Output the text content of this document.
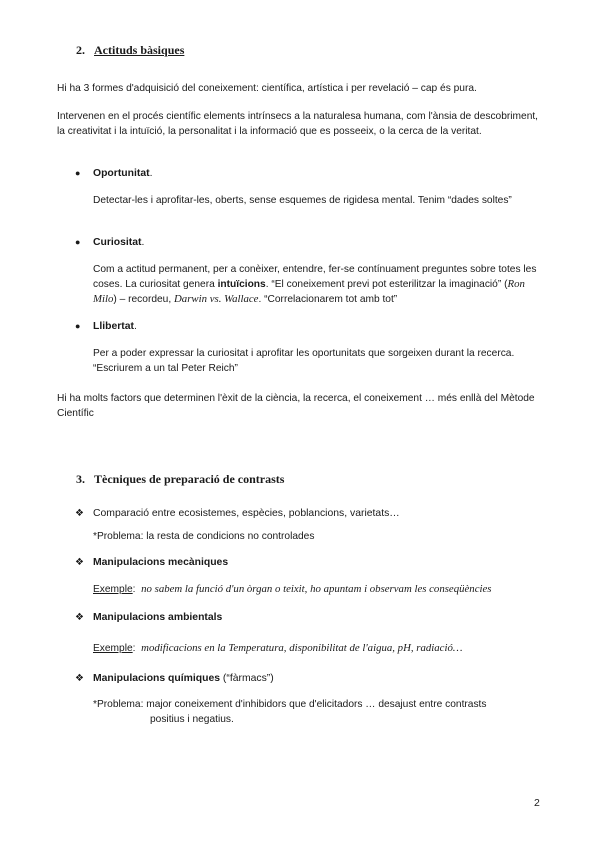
2. Actituds bàsiques
Hi ha 3 formes d'adquisició del coneixement: científica, artística i per revelació – cap és pura.
Intervenen en el procés científic elements intrínsecs a la naturalesa humana, com l'ànsia de descobriment, la creativitat i la intuïció, la personalitat i la informació que es posseeix, o la cerca de la veritat.
● Oportunitat.
Detectar-les i aprofitar-les, oberts, sense esquemes de rigidesa mental. Tenim “dades soltes”
● Curiositat.
Com a actitud permanent, per a conèixer, entendre, fer-se contínuament preguntes sobre totes les coses. La curiositat genera intuïcions. “El coneixement previ pot esterilitzar la imaginació” (Ron Milo) – recordeu, Darwin vs. Wallace. “Correlacionarem tot amb tot”
● Llibertat.
Per a poder expressar la curiositat i aprofitar les oportunitats que sorgeixen durant la recerca. “Escriurem a un tal Peter Reich”
Hi ha molts factors que determinen l'èxit de la ciència, la recerca, el coneixement … més enllà del Mètode Científic
3. Tècniques de preparació de contrasts
❖ Comparació entre ecosistemes, espècies, poblancions, varietats…
*Problema: la resta de condicions no controlades
❖ Manipulacions mecàniques
Exemple:  no sabem la funció d'un òrgan o teixit, ho apuntam i observam les conseqüències
❖ Manipulacions ambientals
Exemple:  modificacions en la Temperatura, disponibilitat de l'aigua, pH, radiació…
❖ Manipulacions químiques (“fàrmacs”)
*Problema: major coneixement d'inhibidors que d'elicitadors … desajust entre contrasts
positius i negatius.
2
